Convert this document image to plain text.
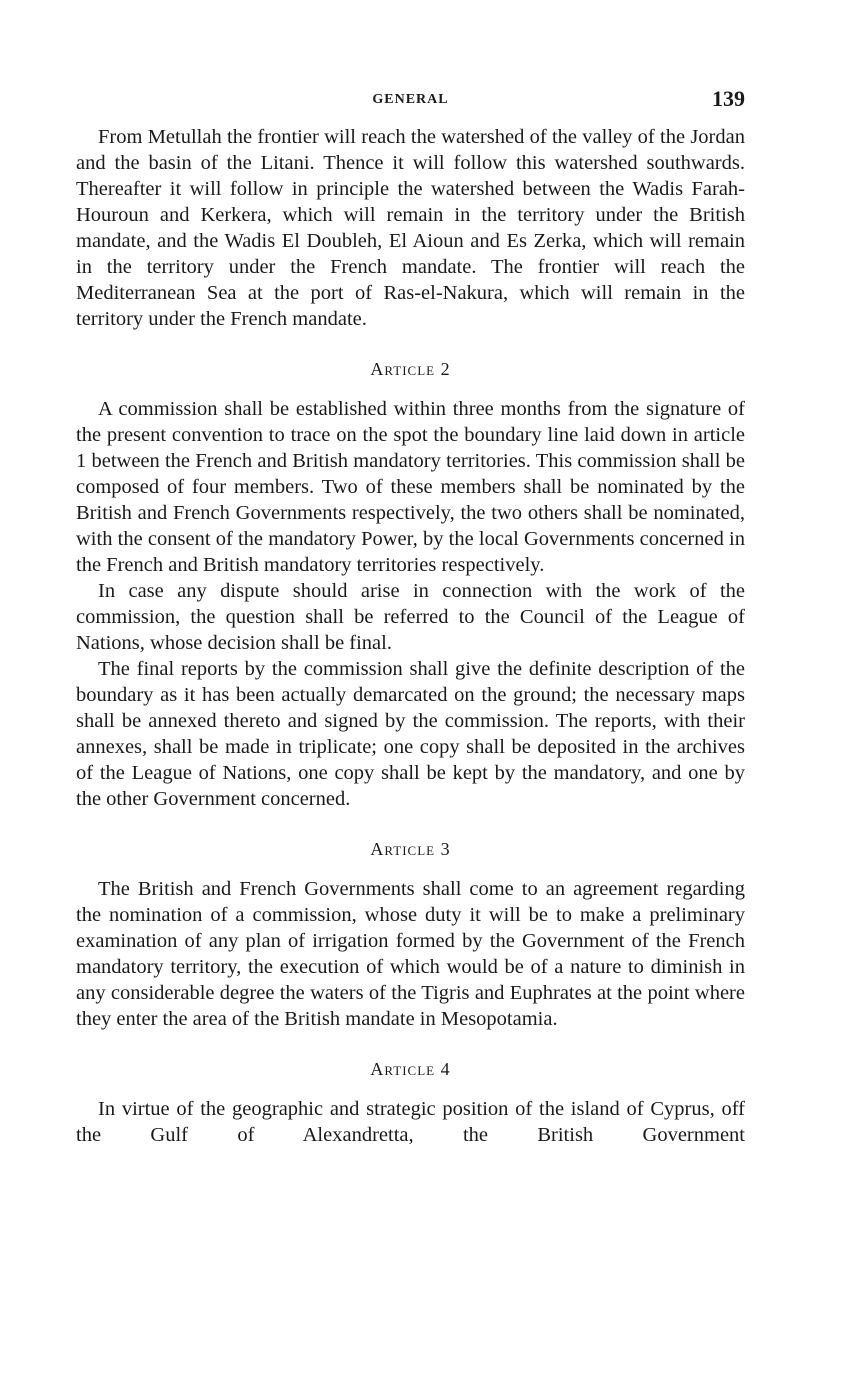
GENERAL	139

From Metullah the frontier will reach the watershed of the valley of the Jordan and the basin of the Litani. Thence it will follow this watershed southwards. Thereafter it will follow in principle the watershed between the Wadis Farah-Houroun and Kerkera, which will remain in the territory under the British mandate, and the Wadis El Doubleh, El Aioun and Es Zerka, which will remain in the territory under the French mandate. The frontier will reach the Mediterranean Sea at the port of Ras-el-Nakura, which will remain in the territory under the French mandate.

Article 2

A commission shall be established within three months from the signature of the present convention to trace on the spot the boundary line laid down in article 1 between the French and British mandatory territories. This commission shall be composed of four members. Two of these members shall be nominated by the British and French Governments respectively, the two others shall be nominated, with the consent of the mandatory Power, by the local Governments concerned in the French and British mandatory territories respectively.

In case any dispute should arise in connection with the work of the commission, the question shall be referred to the Council of the League of Nations, whose decision shall be final.

The final reports by the commission shall give the definite description of the boundary as it has been actually demarcated on the ground; the necessary maps shall be annexed thereto and signed by the commission. The reports, with their annexes, shall be made in triplicate; one copy shall be deposited in the archives of the League of Nations, one copy shall be kept by the mandatory, and one by the other Government concerned.

Article 3

The British and French Governments shall come to an agreement regarding the nomination of a commission, whose duty it will be to make a preliminary examination of any plan of irrigation formed by the Government of the French mandatory territory, the execution of which would be of a nature to diminish in any considerable degree the waters of the Tigris and Euphrates at the point where they enter the area of the British mandate in Mesopotamia.

Article 4

In virtue of the geographic and strategic position of the island of Cyprus, off the Gulf of Alexandretta, the British Government
